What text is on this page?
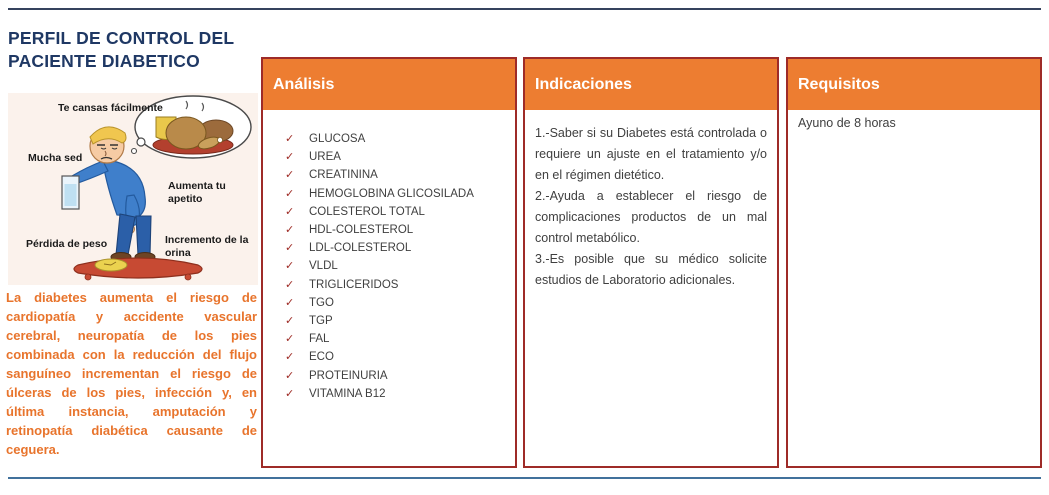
PERFIL DE CONTROL DEL
PACIENTE DIABETICO
Te cansas fácilmente
Mucha sed
Aumenta tu apetito
Pérdida de peso	Incremento de la orina
La diabetes aumenta el riesgo de cardiopatía y accidente vascular cerebral, neuropatía de los pies combinada con la reducción del flujo sanguíneo incrementan el riesgo de úlceras de los pies, infección y, en última instancia, amputación y retinopatía diabética causante de ceguera.
Análisis
✓	GLUCOSA
✓	UREA
✓	CREATININA
✓	HEMOGLOBINA GLICOSILADA
✓	COLESTEROL TOTAL
✓	HDL-COLESTEROL
✓	LDL-COLESTEROL
✓	VLDL
✓	TRIGLICERIDOS
✓	TGO
✓	TGP
✓	FAL
✓	ECO
✓	PROTEINURIA
✓	VITAMINA B12
Indicaciones

1.-Saber si su Diabetes está controlada o requiere un ajuste en el tratamiento y/o en el régimen dietético.

2.-Ayuda a establecer el riesgo de complicaciones productos de un mal control metabólico.

3.-Es posible que su médico solicite estudios de Laboratorio adicionales.

Requisitos
Ayuno de 8 horas
